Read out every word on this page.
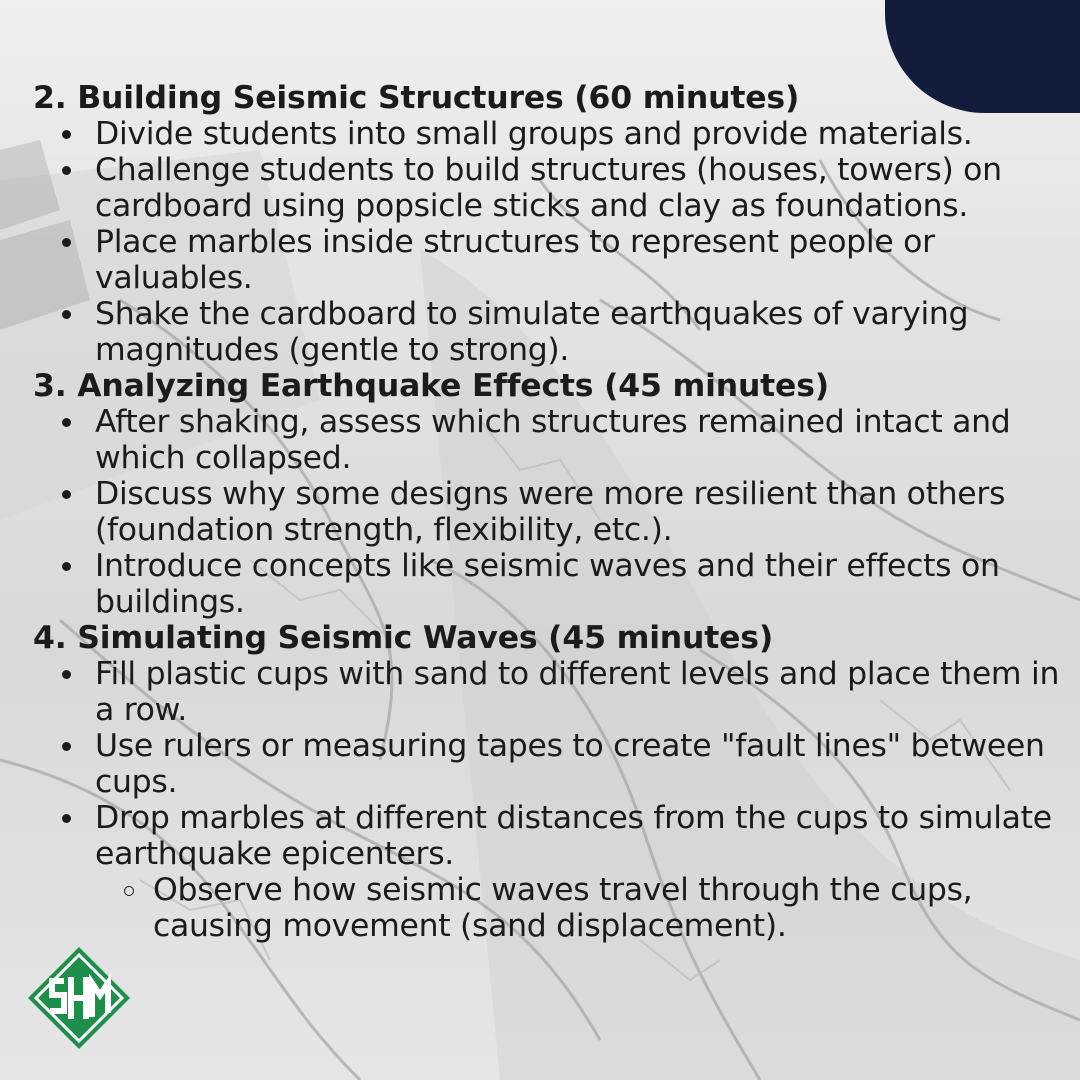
2. Building Seismic Structures (60 minutes)

Divide students into small groups and provide materials.
Challenge students to build structures (houses, towers) on cardboard using popsicle sticks and clay as foundations.
Place marbles inside structures to represent people or valuables.
Shake the cardboard to simulate earthquakes of varying magnitudes (gentle to strong).

3. Analyzing Earthquake Effects (45 minutes)

After shaking, assess which structures remained intact and which collapsed.
Discuss why some designs were more resilient than others (foundation strength, flexibility, etc.).
Introduce concepts like seismic waves and their effects on buildings.

4. Simulating Seismic Waves (45 minutes)

Fill plastic cups with sand to different levels and place them in a row.
Use rulers or measuring tapes to create "fault lines" between cups.
Drop marbles at different distances from the cups to simulate earthquake epicenters.
Observe how seismic waves travel through the cups, causing movement (sand displacement).
